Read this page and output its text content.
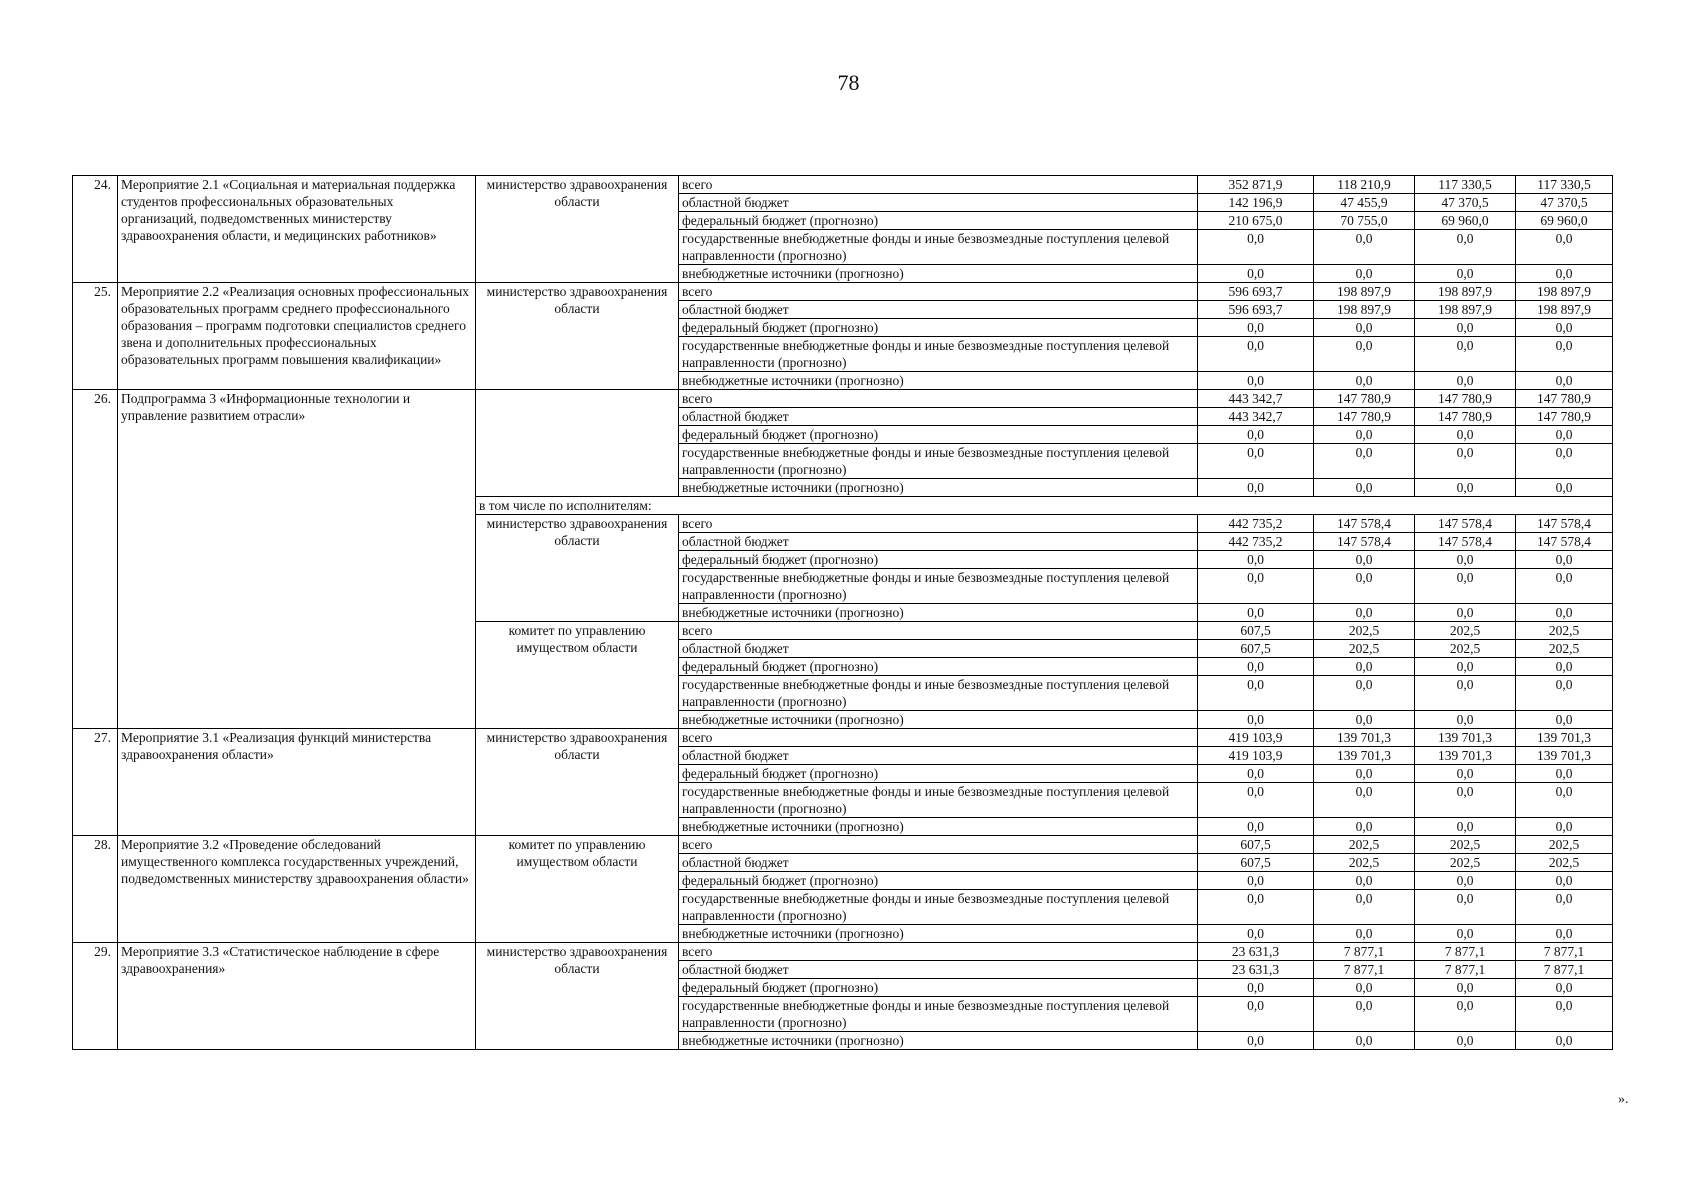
78
24.	Мероприятие 2.1 «Социальная и материальная поддержка студентов профессиональных образовательных организаций, подведомственных министерству здравоохранения области, и медицинских работников»	министерство здравоохранения области	всего	352 871,9	118 210,9	117 330,5	117 330,5
			областной бюджет	142 196,9	47 455,9	47 370,5	47 370,5
			федеральный бюджет (прогнозно)	210 675,0	70 755,0	69 960,0	69 960,0
			государственные внебюджетные фонды и иные безвозмездные поступления целевой направленности (прогнозно)	0,0	0,0	0,0	0,0
			внебюджетные источники (прогнозно)	0,0	0,0	0,0	0,0
25.	Мероприятие 2.2 «Реализация основных профессиональных образовательных программ среднего профессионального образования – программ подготовки специалистов среднего звена и дополнительных профессиональных образовательных программ повышения квалификации»	министерство здравоохранения области	всего	596 693,7	198 897,9	198 897,9	198 897,9
			областной бюджет	596 693,7	198 897,9	198 897,9	198 897,9
			федеральный бюджет (прогнозно)	0,0	0,0	0,0	0,0
			государственные внебюджетные фонды и иные безвозмездные поступления целевой направленности (прогнозно)	0,0	0,0	0,0	0,0
			внебюджетные источники (прогнозно)	0,0	0,0	0,0	0,0
26.	Подпрограмма 3 «Информационные технологии и управление развитием отрасли»		всего	443 342,7	147 780,9	147 780,9	147 780,9
			областной бюджет	443 342,7	147 780,9	147 780,9	147 780,9
			федеральный бюджет (прогнозно)	0,0	0,0	0,0	0,0
			государственные внебюджетные фонды и иные безвозмездные поступления целевой направленности (прогнозно)	0,0	0,0	0,0	0,0
			внебюджетные источники (прогнозно)	0,0	0,0	0,0	0,0
		в том числе по исполнителям:					
		министерство здравоохранения области	всего	442 735,2	147 578,4	147 578,4	147 578,4
			областной бюджет	442 735,2	147 578,4	147 578,4	147 578,4
			федеральный бюджет (прогнозно)	0,0	0,0	0,0	0,0
			государственные внебюджетные фонды и иные безвозмездные поступления целевой направленности (прогнозно)	0,0	0,0	0,0	0,0
			внебюджетные источники (прогнозно)	0,0	0,0	0,0	0,0
		комитет по управлению имуществом области	всего	607,5	202,5	202,5	202,5
			областной бюджет	607,5	202,5	202,5	202,5
			федеральный бюджет (прогнозно)	0,0	0,0	0,0	0,0
			государственные внебюджетные фонды и иные безвозмездные поступления целевой направленности (прогнозно)	0,0	0,0	0,0	0,0
			внебюджетные источники (прогнозно)	0,0	0,0	0,0	0,0
27.	Мероприятие 3.1 «Реализация функций министерства здравоохранения области»	министерство здравоохранения области	всего	419 103,9	139 701,3	139 701,3	139 701,3
			областной бюджет	419 103,9	139 701,3	139 701,3	139 701,3
			федеральный бюджет (прогнозно)	0,0	0,0	0,0	0,0
			государственные внебюджетные фонды и иные безвозмездные поступления целевой направленности (прогнозно)	0,0	0,0	0,0	0,0
			внебюджетные источники (прогнозно)	0,0	0,0	0,0	0,0
28.	Мероприятие 3.2 «Проведение обследований имущественного комплекса государственных учреждений, подведомственных министерству здравоохранения области»	комитет по управлению имуществом области	всего	607,5	202,5	202,5	202,5
			областной бюджет	607,5	202,5	202,5	202,5
			федеральный бюджет (прогнозно)	0,0	0,0	0,0	0,0
			государственные внебюджетные фонды и иные безвозмездные поступления целевой направленности (прогнозно)	0,0	0,0	0,0	0,0
			внебюджетные источники (прогнозно)	0,0	0,0	0,0	0,0
29.	Мероприятие 3.3 «Статистическое наблюдение в сфере здравоохранения»	министерство здравоохранения области	всего	23 631,3	7 877,1	7 877,1	7 877,1
			областной бюджет	23 631,3	7 877,1	7 877,1	7 877,1
			федеральный бюджет (прогнозно)	0,0	0,0	0,0	0,0
			государственные внебюджетные фонды и иные безвозмездные поступления целевой направленности (прогнозно)	0,0	0,0	0,0	0,0
			внебюджетные источники (прогнозно)	0,0	0,0	0,0	0,0
».
